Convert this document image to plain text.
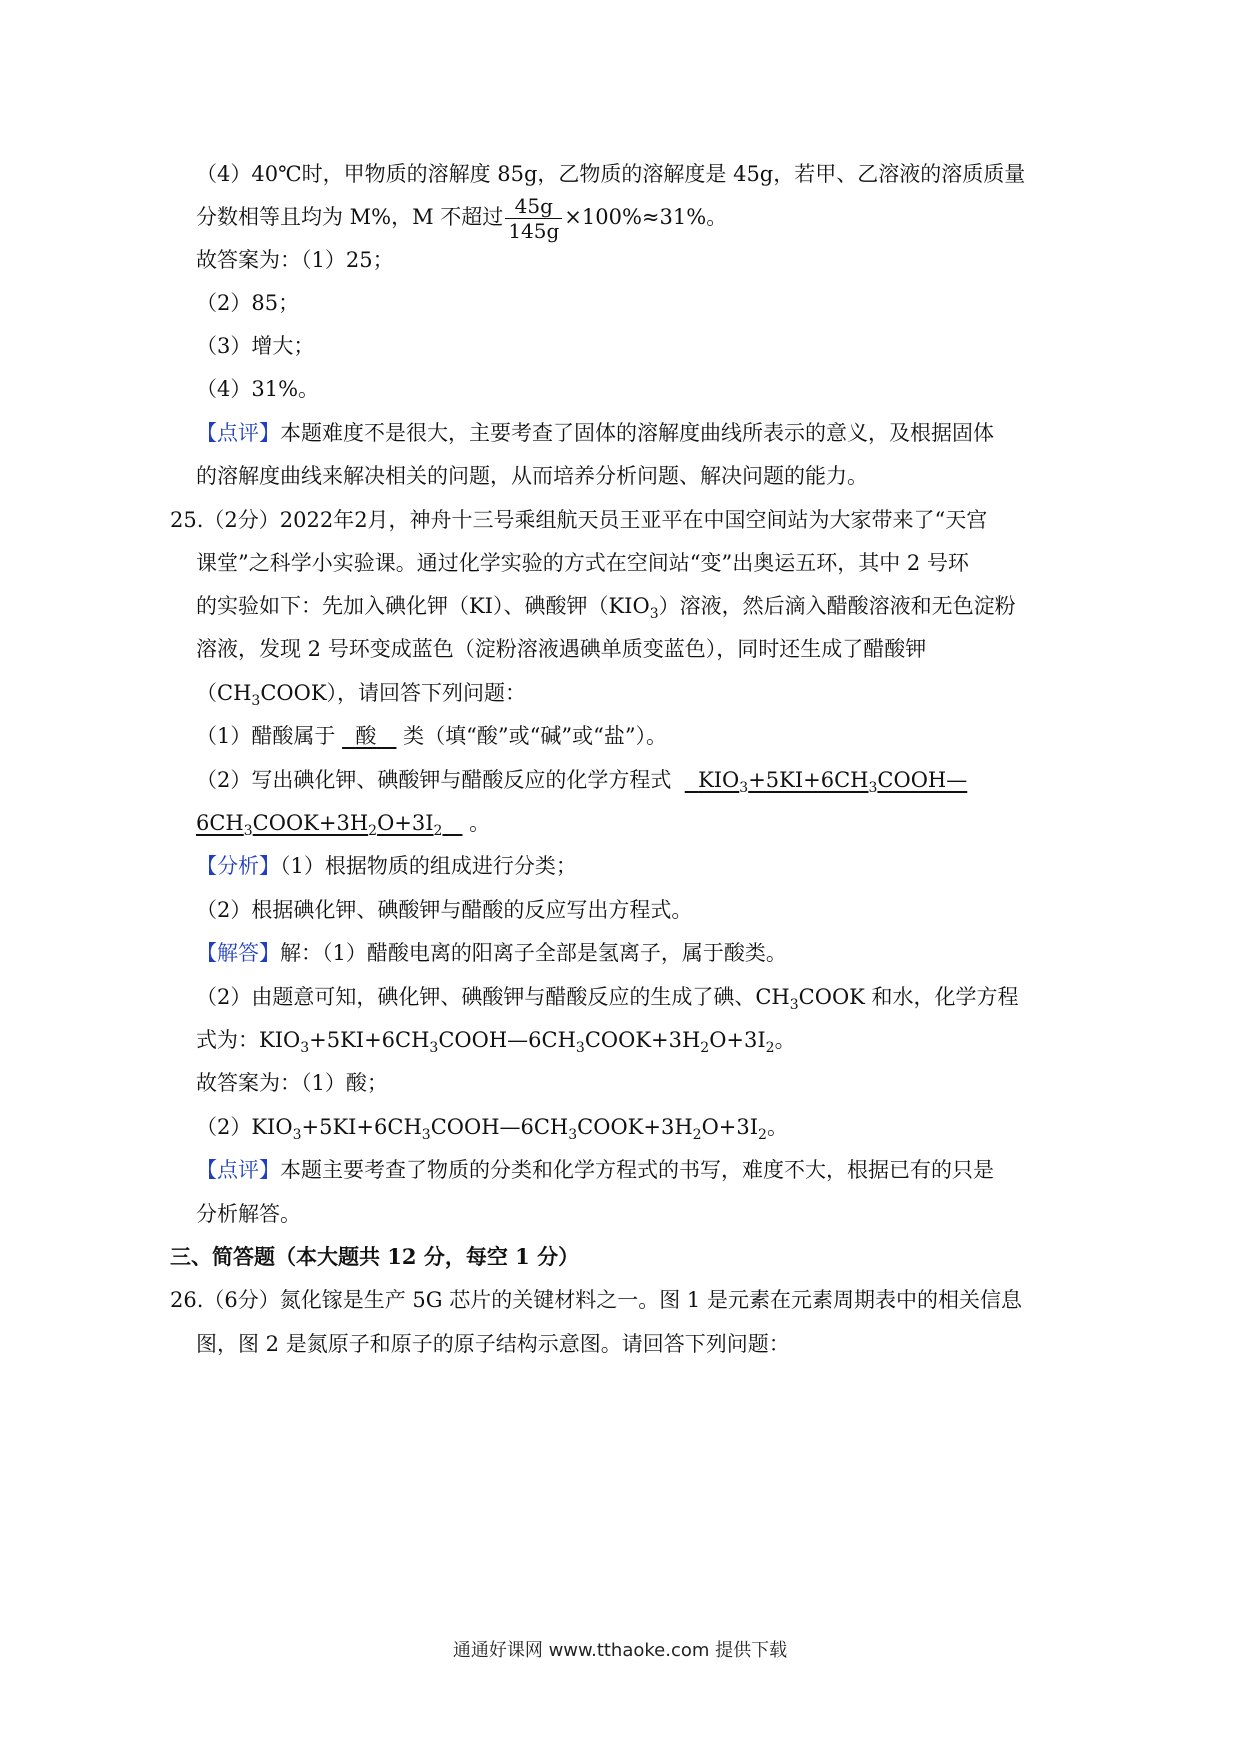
（4）40℃时，甲物质的溶解度 85g，乙物质的溶解度是 45g，若甲、乙溶液的溶质质量
分数相等且均为 M%，M 不超过 $\frac{45g}{145g} \times 100\%\approx 31\%$。
故答案为：（1）25；
（2）85；
（3）增大；
（4）31%。
【点评】本题难度不是很大，主要考查了固体的溶解度曲线所表示的意义，及根据固体
的溶解度曲线来解决相关的问题，从而培养分析问题、解决问题的能力。
25.（2分）2022年2月，神舟十三号乘组航天员王亚平在中国空间站为大家带来了“天宫
课堂”之科学小实验课。通过化学实验的方式在空间站“变”出奥运五环，其中 2 号环
的实验如下：先加入碘化钾（KI）、碘酸钾$(KIO_3)$溶液，然后滴入醋酸溶液和无色淀粉
溶液，发现 2 号环变成蓝色（淀粉溶液遇碘单质变蓝色），同时还生成了醋酸钾
$(CH_3COOK)$，请回答下列问题：
（1）醋酸属于 酸 类（填“酸”或“碱”或“盐”）。
（2）写出碘化钾、碘酸钾与醋酸反应的化学方程式 $KIO_3+5KI+6CH_3COOH—$
$6CH_3COOK+3H_2O+3I_2$ 。
【分析】（1）根据物质的组成进行分类；
（2）根据碘化钾、碘酸钾与醋酸的反应写出方程式。
【解答】解：（1）醋酸电离的阳离子全部是氢离子，属于酸类。
（2）由题意可知，碘化钾、碘酸钾与醋酸反应的生成了碘、$CH_3COOK$ 和水，化学方程
式为：$KIO_3+5KI+6CH_3COOH—6CH_3COOK+3H_2O+3I_2$。
故答案为：（1）酸；
$(2)KIO_3+5KI+6CH_3COOH—6CH_3COOK+3H_2O+3I_2$。
【点评】本题主要考查了物质的分类和化学方程式的书写，难度不大，根据已有的只是
分析解答。
三、简答题（本大题共 12 分，每空 1 分）
26.（6分）氮化镓是生产 5G 芯片的关键材料之一。图 1 是元素在元素周期表中的相关信息
图，图 2 是氮原子和原子的原子结构示意图。请回答下列问题：
通通好课网 www.tthaoke.com 提供下载
